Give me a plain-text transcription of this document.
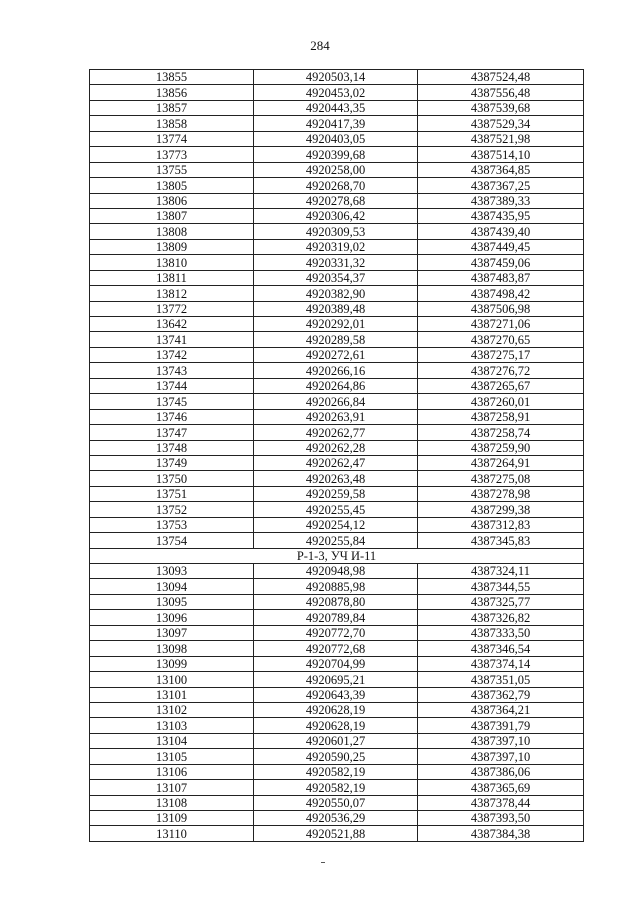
284
13855	4920503,14	4387524,48
13856	4920453,02	4387556,48
13857	4920443,35	4387539,68
13858	4920417,39	4387529,34
13774	4920403,05	4387521,98
13773	4920399,68	4387514,10
13755	4920258,00	4387364,85
13805	4920268,70	4387367,25
13806	4920278,68	4387389,33
13807	4920306,42	4387435,95
13808	4920309,53	4387439,40
13809	4920319,02	4387449,45
13810	4920331,32	4387459,06
13811	4920354,37	4387483,87
13812	4920382,90	4387498,42
13772	4920389,48	4387506,98
13642	4920292,01	4387271,06
13741	4920289,58	4387270,65
13742	4920272,61	4387275,17
13743	4920266,16	4387276,72
13744	4920264,86	4387265,67
13745	4920266,84	4387260,01
13746	4920263,91	4387258,91
13747	4920262,77	4387258,74
13748	4920262,28	4387259,90
13749	4920262,47	4387264,91
13750	4920263,48	4387275,08
13751	4920259,58	4387278,98
13752	4920255,45	4387299,38
13753	4920254,12	4387312,83
13754	4920255,84	4387345,83
Р-1-3, УЧ И-11		
13093	4920948,98	4387324,11
13094	4920885,98	4387344,55
13095	4920878,80	4387325,77
13096	4920789,84	4387326,82
13097	4920772,70	4387333,50
13098	4920772,68	4387346,54
13099	4920704,99	4387374,14
13100	4920695,21	4387351,05
13101	4920643,39	4387362,79
13102	4920628,19	4387364,21
13103	4920628,19	4387391,79
13104	4920601,27	4387397,10
13105	4920590,25	4387397,10
13106	4920582,19	4387386,06
13107	4920582,19	4387365,69
13108	4920550,07	4387378,44
13109	4920536,29	4387393,50
13110	4920521,88	4387384,38
